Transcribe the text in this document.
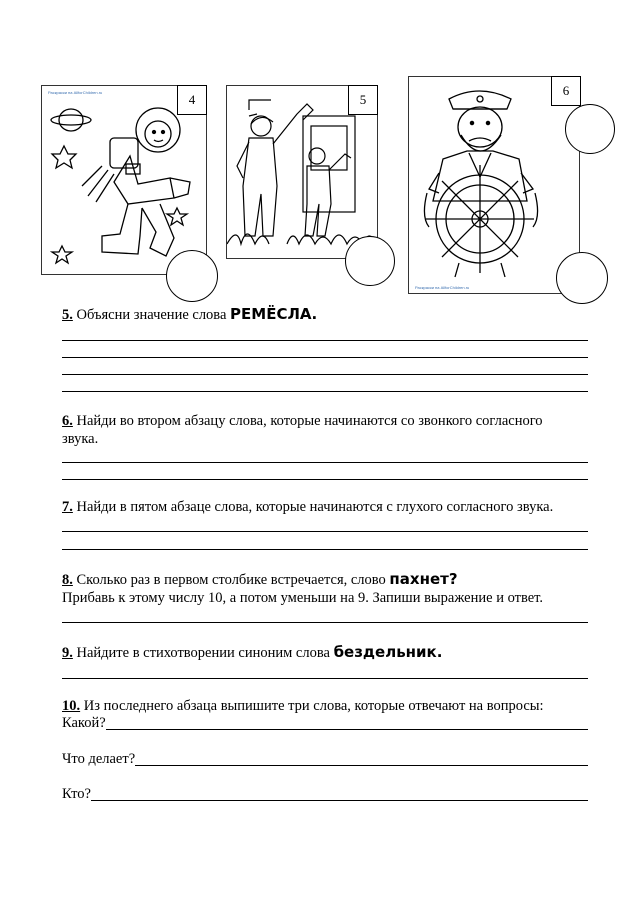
Раскраски на AllforChildren.ru	4	5
Раскраски на AllforChildren.ru
6
5. Объясни значение слова РЕМЁСЛА.
6. Найди во втором абзацу слова, которые начинаются со звонкого согласного
звука.
7. Найди в пятом абзаце слова, которые начинаются с глухого согласного звука.
8. Сколько раз в первом столбике встречается, слово пахнет?
Прибавь к этому числу 10, а потом уменьши на 9. Запиши выражение и ответ.
9. Найдите в стихотворении синоним слова бездельник.
10. Из последнего абзаца выпишите три слова, которые отвечают на вопросы:
Какой?
Что делает?
Кто?
